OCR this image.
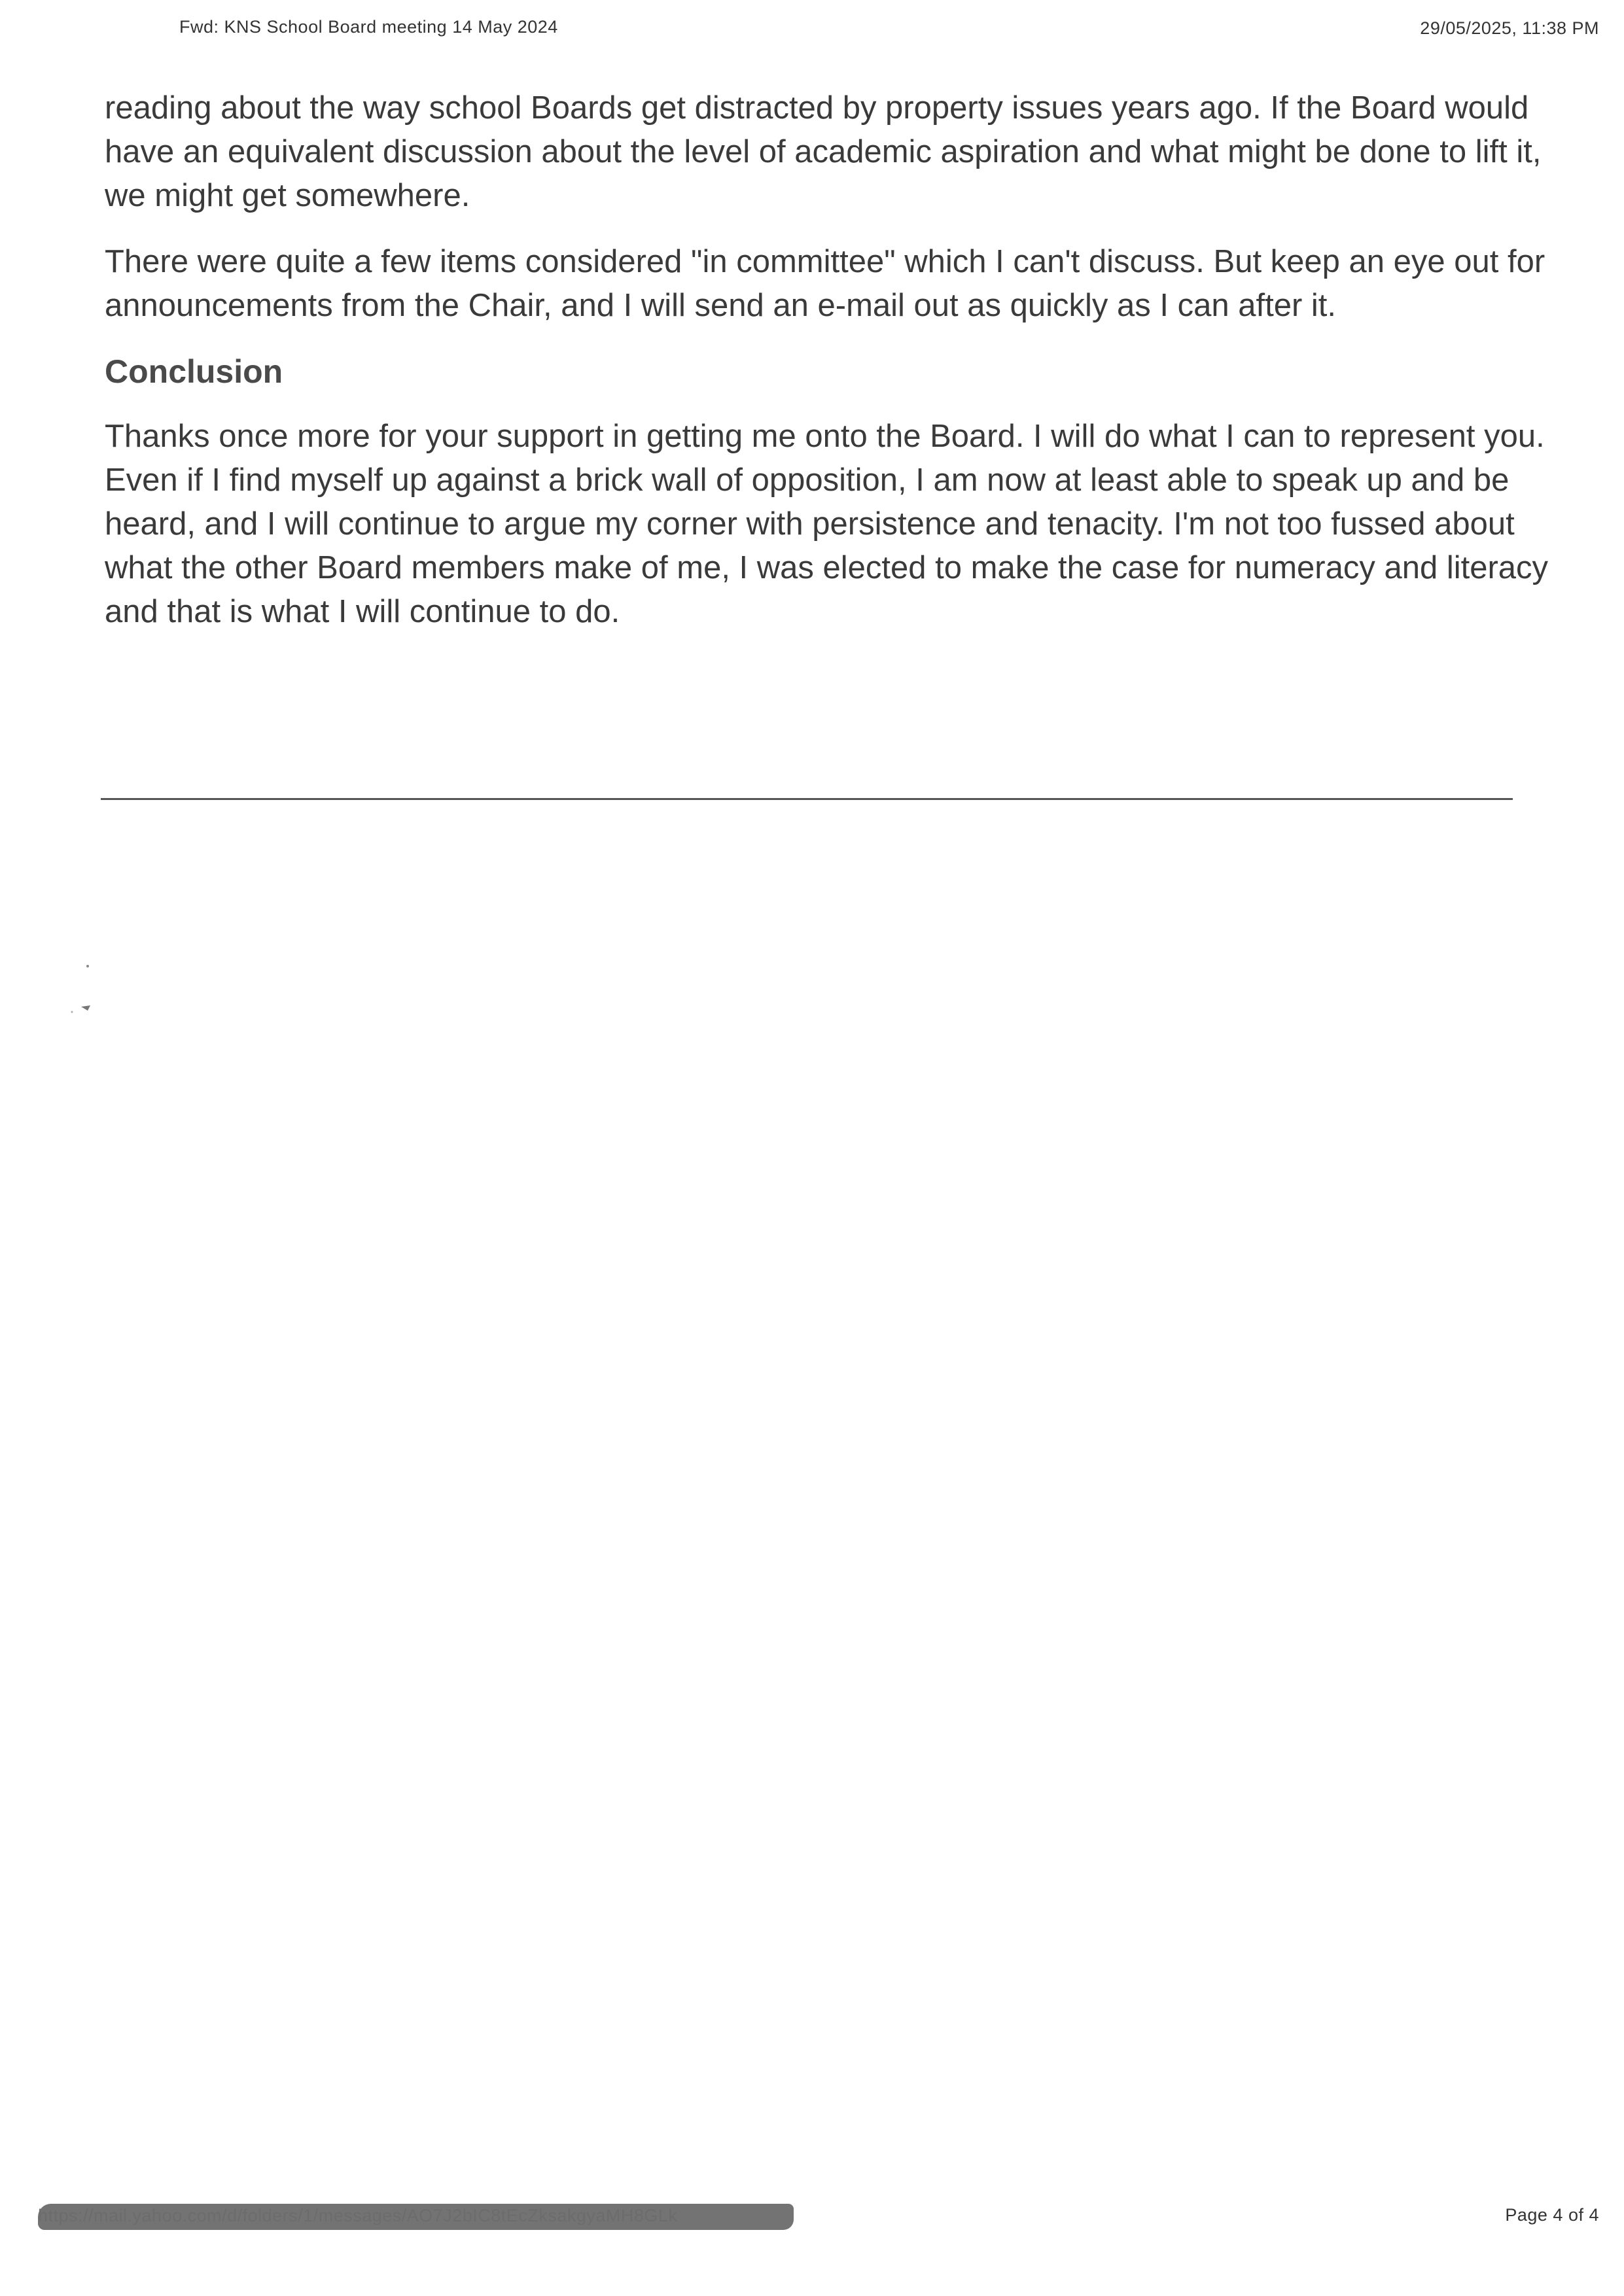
Fwd: KNS School Board meeting 14 May 2024	29/05/2025, 11:38 PM

reading about the way school Boards get distracted by property issues years ago. If the Board would have an equivalent discussion about the level of academic aspiration and what might be done to lift it, we might get somewhere.

There were quite a few items considered "in committee" which I can't discuss. But keep an eye out for announcements from the Chair, and I will send an e-mail out as quickly as I can after it.

Conclusion

Thanks once more for your support in getting me onto the Board. I will do what I can to represent you. Even if I find myself up against a brick wall of opposition, I am now at least able to speak up and be heard, and I will continue to argue my corner with persistence and tenacity. I'm not too fussed about what the other Board members make of me, I was elected to make the case for numeracy and literacy and that is what I will continue to do.

Page 4 of 4
